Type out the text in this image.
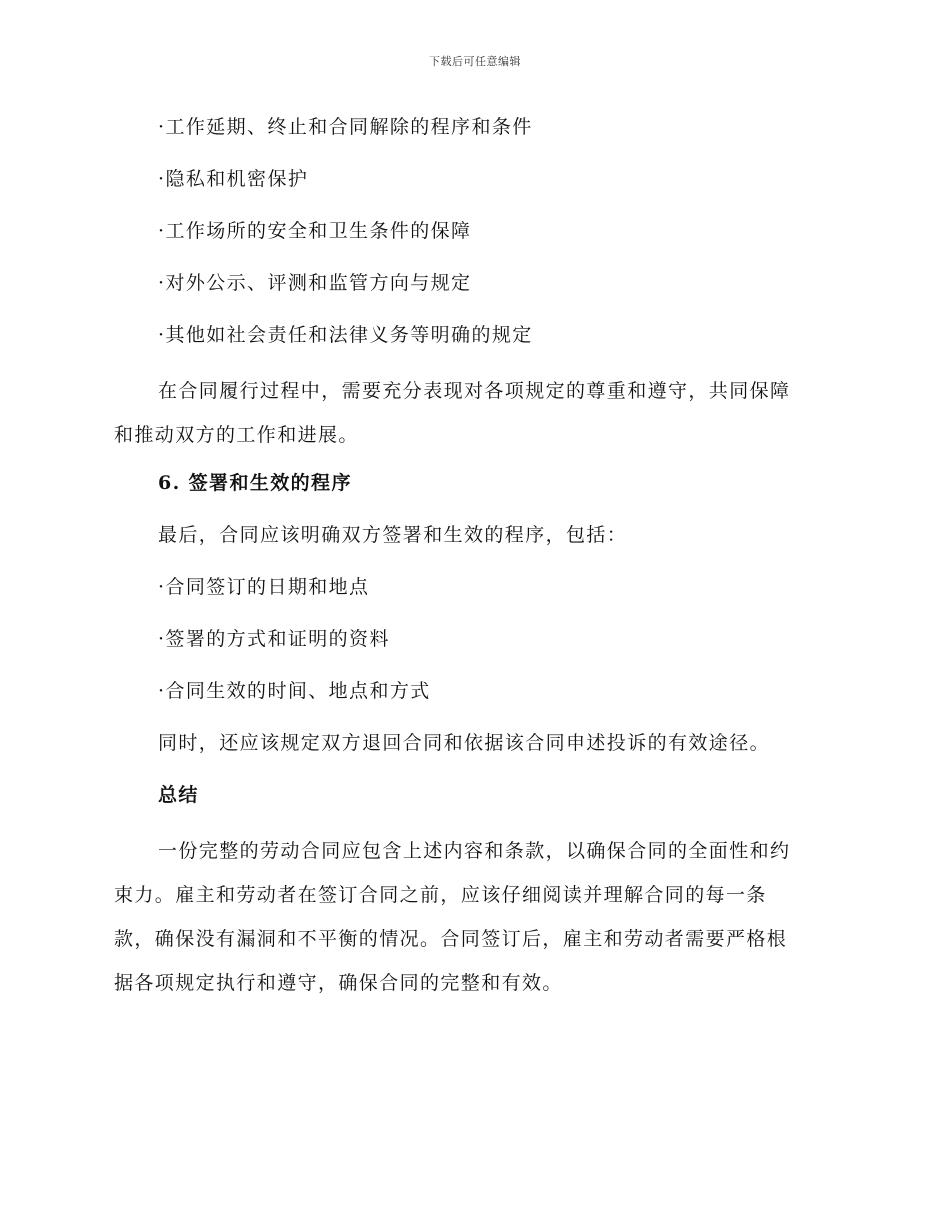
下载后可任意编辑
·工作延期、终止和合同解除的程序和条件
·隐私和机密保护
·工作场所的安全和卫生条件的保障
·对外公示、评测和监管方向与规定
·其他如社会责任和法律义务等明确的规定
在合同履行过程中，需要充分表现对各项规定的尊重和遵守，共同保障
和推动双方的工作和进展。
6. 签署和生效的程序
最后，合同应该明确双方签署和生效的程序，包括：
·合同签订的日期和地点
·签署的方式和证明的资料
·合同生效的时间、地点和方式
同时，还应该规定双方退回合同和依据该合同申述投诉的有效途径。
总结
一份完整的劳动合同应包含上述内容和条款，以确保合同的全面性和约
束力。雇主和劳动者在签订合同之前，应该仔细阅读并理解合同的每一条
款，确保没有漏洞和不平衡的情况。合同签订后，雇主和劳动者需要严格根
据各项规定执行和遵守，确保合同的完整和有效。
